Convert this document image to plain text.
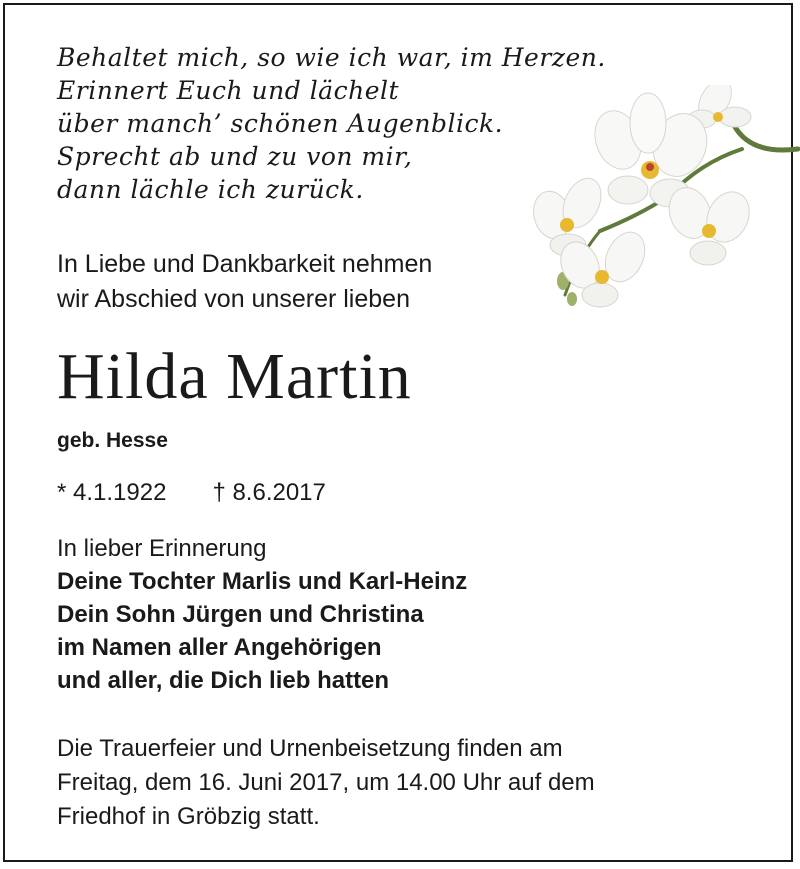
Behaltet mich, so wie ich war, im Herzen.
Erinnert Euch und lächelt
über manch’ schönen Augenblick.
Sprecht ab und zu von mir,
dann lächle ich zurück.
In Liebe und Dankbarkeit nehmen
wir Abschied von unserer lieben
Hilda Martin
geb. Hesse
* 4.1.1922 † 8.6.2017
In lieber Erinnerung
Deine Tochter Marlis und Karl-Heinz
Dein Sohn Jürgen und Christina
im Namen aller Angehörigen
und aller, die Dich lieb hatten
Die Trauerfeier und Urnenbeisetzung finden am
Freitag, dem 16. Juni 2017, um 14.00 Uhr auf dem
Friedhof in Gröbzig statt.
